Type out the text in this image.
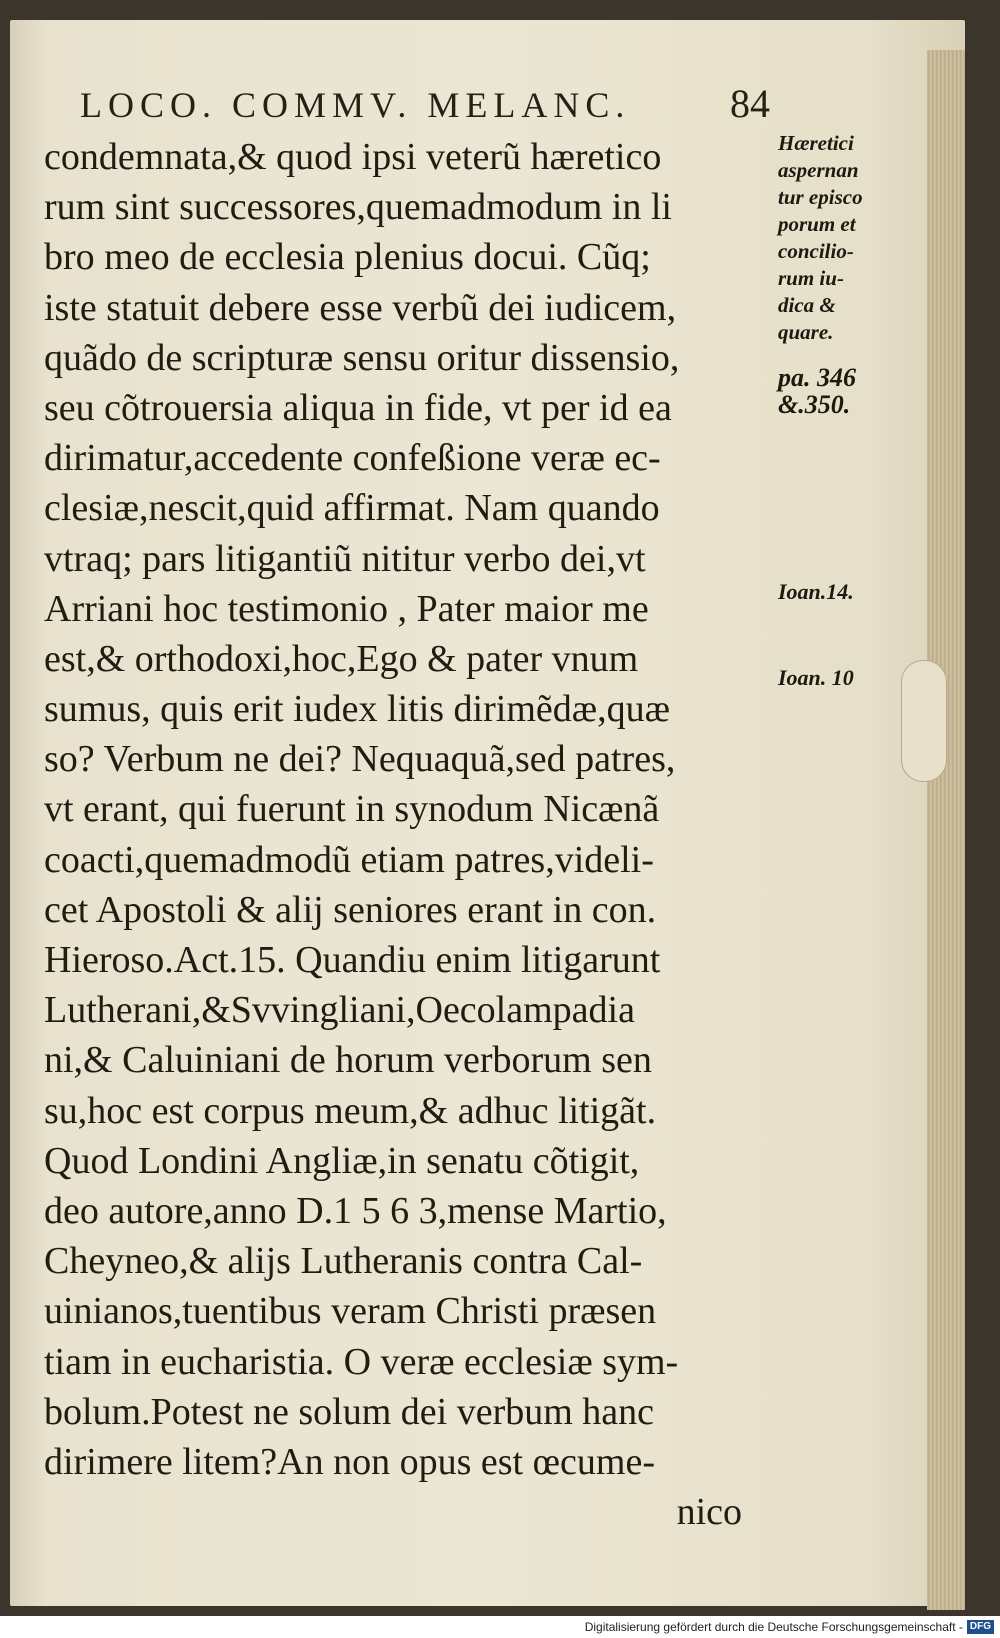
LOCO. COMMV. MELANC. 84
condemnata,& quod ipsi veterũ hæretico
rum sint successores,quemadmodum in li
bro meo de ecclesia plenius docui. Cũq;
iste statuit debere esse verbũ dei iudicem,
quãdo de scripturæ sensu oritur dissensio,
seu cõtrouersia aliqua in fide, vt per id ea
dirimatur,accedente confeßione veræ ec-
clesiæ,nescit,quid affirmat. Nam quando
vtraq; pars litigantiũ nititur verbo dei,vt
Arriani hoc testimonio , Pater maior me
est,& orthodoxi,hoc,Ego & pater vnum
sumus, quis erit iudex litis dirimẽdæ,quæ
so? Verbum ne dei? Nequaquã,sed patres,
vt erant, qui fuerunt in synodum Nicænã
coacti,quemadmodũ etiam patres,videli-
cet Apostoli & alij seniores erant in con.
Hieroso.Act.15. Quandiu enim litigarunt
Lutherani,&Svvingliani,Oecolampadia
ni,& Caluiniani de horum verborum sen
su,hoc est corpus meum,& adhuc litigãt.
Quod Londini Angliæ,in senatu cõtigit,
deo autore,anno D.1 5 6 3,mense Martio,
Cheyneo,& alijs Lutheranis contra Cal-
uinianos,tuentibus veram Christi præsen
tiam in eucharistia. O veræ ecclesiæ sym-
bolum.Potest ne solum dei verbum hanc
dirimere litem?An non opus est œcume-
nico
Hæretici
aspernan
tur episco
porum et
concilio-
rum iu-
dica &
quare.
pa. 346
&.350.
Ioan.14.
Ioan. 10
Digitalisierung gefördert durch die Deutsche Forschungsgemeinschaft - DFG
